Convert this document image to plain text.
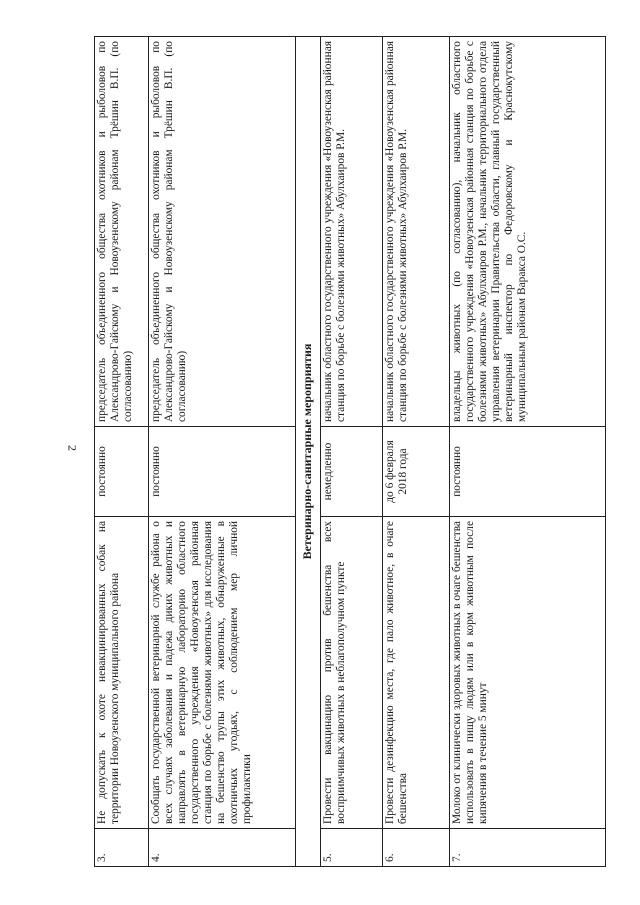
2
3.	Не допускать к охоте невакцинированных собак на территории Новоузенского муниципального района	постоянно	председатель объединенного общества охотников и рыболовов по Александрово-Гайскому и Новоузенскому районам Трёшин В.П. (по согласованию)
4.	Сообщать государственной ветеринарной службе района о всех случаях заболевания и падежа диких животных и направлять в ветеринарную лабораторию областного государственного учреждения «Новоузенская районная станция по борьбе с болезнями животных» для исследования на бешенство трупы этих животных, обнаруженные в охотничьих угодьях, с соблюдением мер личной профилактики	постоянно	председатель объединенного общества охотников и рыболовов по Александрово-Гайскому и Новоузенскому районам Трёшин В.П. (по согласованию)
Ветеринарно-санитарные мероприятия			
5.	Провести вакцинацию против бешенства всех восприимчивых животных в неблагополучном пункте	немедленно	начальник областного государственного учреждения «Новоузенская районная станция по борьбе с болезнями животных» Абулхаиров Р.М.
6.	Провести дезинфекцию места, где пало животное, в очаге бешенства	до 6 февраля 2018 года	начальник областного государственного учреждения «Новоузенская районная станция по борьбе с болезнями животных» Абулхаиров Р.М.
7.	Молоко от клинически здоровых животных в очаге бешенства использовать в пищу людям или в корм животным после кипячения в течение 5 минут	постоянно	владельцы животных (по согласованию), начальник областного государственного учреждения «Новоузенская районная станция по борьбе с болезнями животных» Абулхаиров Р.М., начальник территориального отдела управления ветеринарии Правительства области, главный государственный ветеринарный инспектор по Федоровскому и Краснокутскому муниципальным районам Варакса О.С.
